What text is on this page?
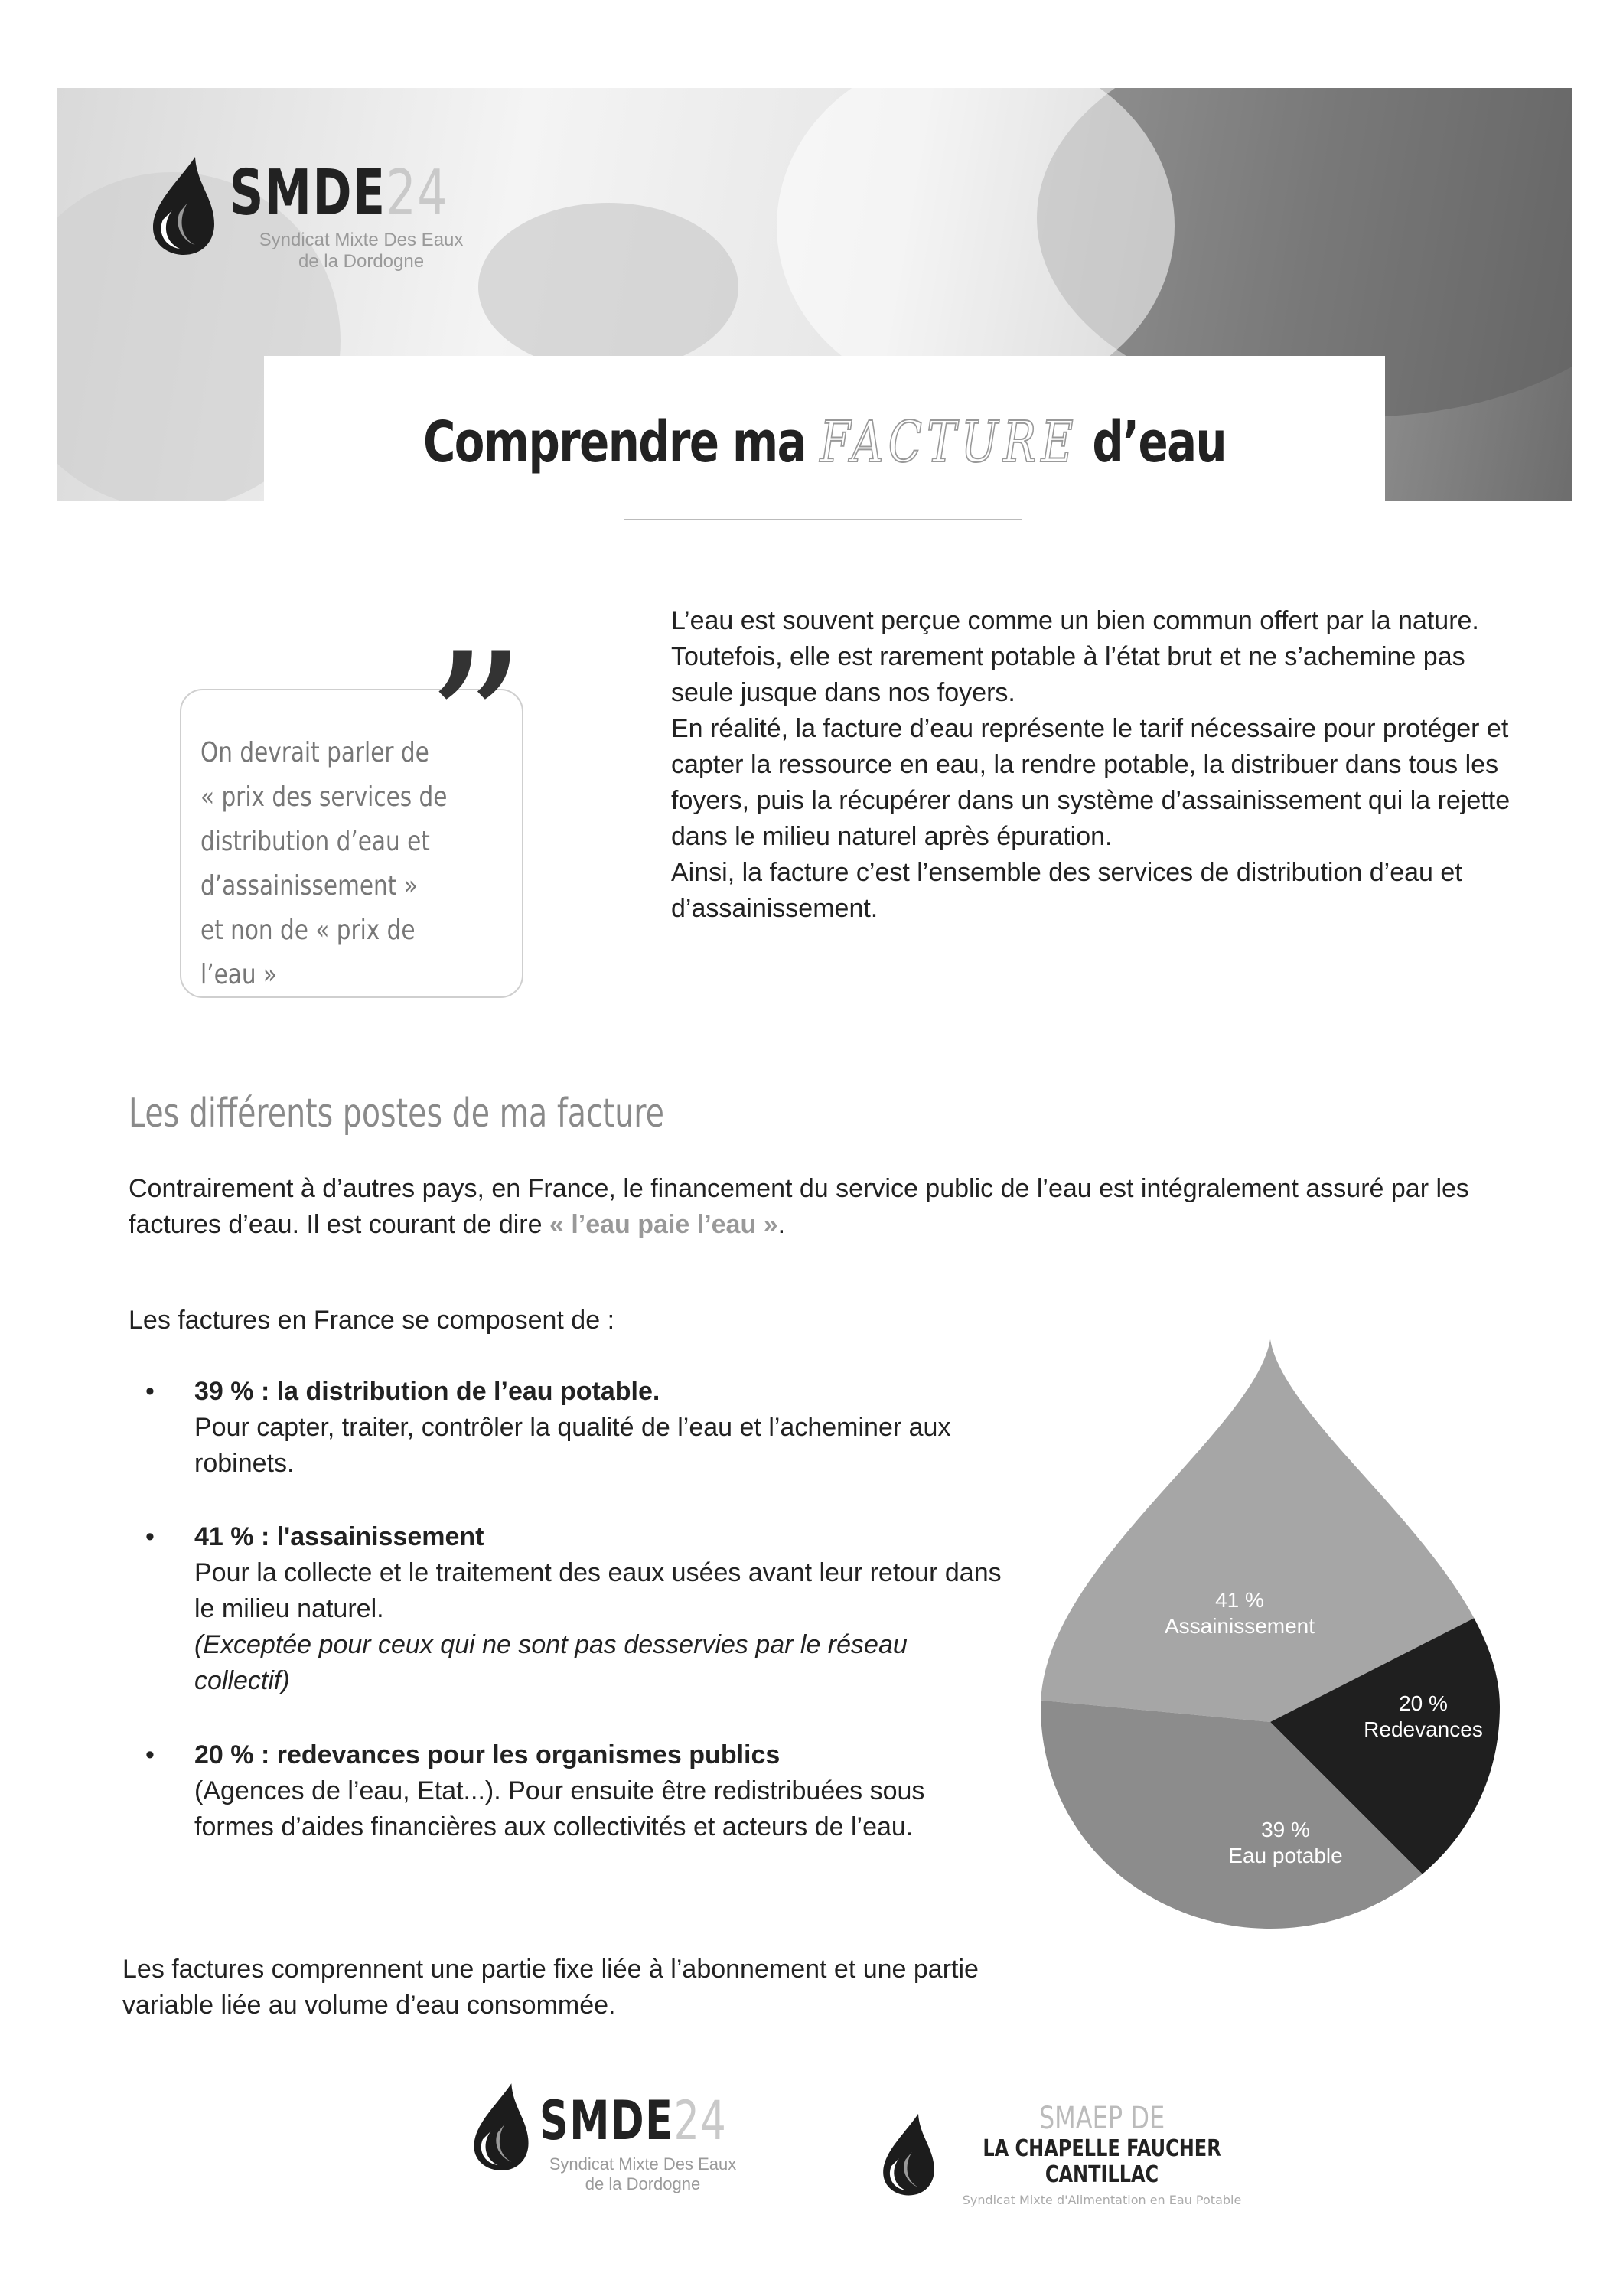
SMDE24
Syndicat Mixte Des Eaux
de la Dordogne
Comprendre ma FACTURE d’eau
”
On devrait parler de
« prix des services de
distribution d’eau et
d’assainissement »
et non de « prix de l’eau »
L’eau est souvent perçue comme un bien commun offert par la nature.
Toutefois, elle est rarement potable à l’état brut et ne s’achemine pas seule jusque dans nos foyers.
En réalité, la facture d’eau représente le tarif nécessaire pour protéger et capter la ressource en eau, la rendre potable, la distribuer dans tous les foyers, puis la récupérer dans un système d’assainissement qui la rejette dans le milieu naturel après épuration.
Ainsi, la facture c’est l’ensemble des services de distribution d’eau et d’assainissement.
Les différents postes de ma facture
Contrairement à d’autres pays, en France, le financement du service public de l’eau est intégralement assuré par les factures d’eau. Il est courant de dire « l’eau paie l’eau ».
Les factures en France se composent de :
• 39 % : la distribution de l’eau potable.
Pour capter, traiter, contrôler la qualité de l’eau et l’acheminer aux robinets.
• 41 % : l'assainissement
Pour la collecte et le traitement des eaux usées avant leur retour dans le milieu naturel.
(Exceptée pour ceux qui ne sont pas desservies par le réseau collectif)
• 20 % : redevances pour les organismes publics
(Agences de l’eau, Etat...). Pour ensuite être redistribuées sous formes d’aides financières aux collectivités et acteurs de l’eau.
Les factures comprennent une partie fixe liée à l’abonnement et une partie variable liée au volume d’eau consommée.
41 %
Assainissement
20 %
Redevances
39 %
Eau potable
SMDE24
Syndicat Mixte Des Eaux
de la Dordogne
SMAEP DE
LA CHAPELLE FAUCHER
CANTILLAC
Syndicat Mixte d'Alimentation en Eau Potable
